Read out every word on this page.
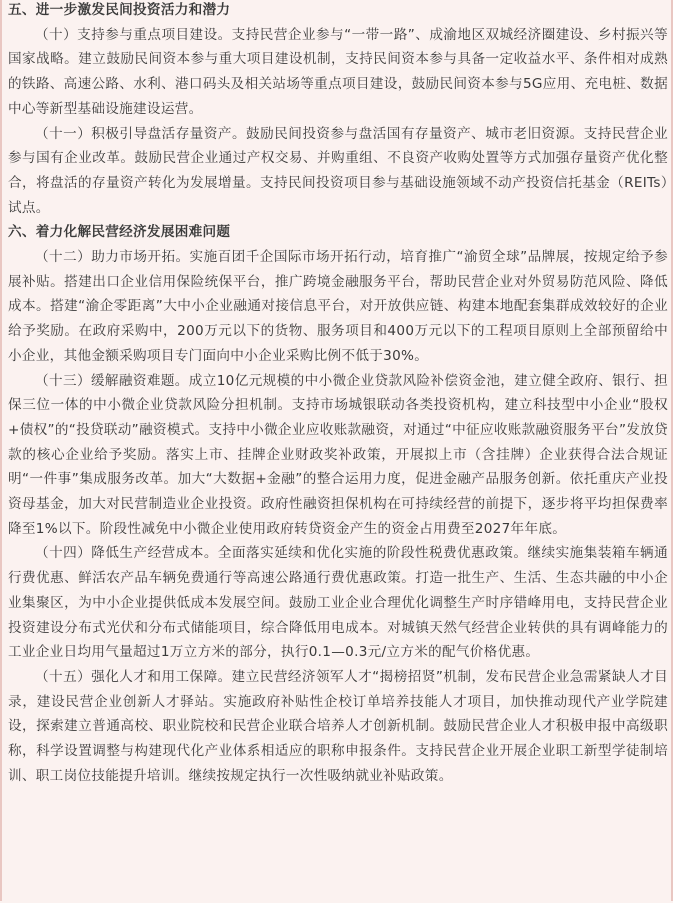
五、进一步激发民间投资活力和潜力

（十）支持参与重点项目建设。支持民营企业参与“一带一路”、成渝地区双城经济圈建设、乡村振兴等国家战略。建立鼓励民间资本参与重大项目建设机制，支持民间资本参与具备一定收益水平、条件相对成熟的铁路、高速公路、水利、港口码头及相关站场等重点项目建设，鼓励民间资本参与5G应用、充电桩、数据中心等新型基础设施建设运营。

（十一）积极引导盘活存量资产。鼓励民间投资参与盘活国有存量资产、城市老旧资源。支持民营企业参与国有企业改革。鼓励民营企业通过产权交易、并购重组、不良资产收购处置等方式加强存量资产优化整合，将盘活的存量资产转化为发展增量。支持民间投资项目参与基础设施领域不动产投资信托基金（REITs）试点。

六、着力化解民营经济发展困难问题

（十二）助力市场开拓。实施百团千企国际市场开拓行动，培育推广“渝贸全球”品牌展，按规定给予参展补贴。搭建出口企业信用保险统保平台，推广跨境金融服务平台，帮助民营企业对外贸易防范风险、降低成本。搭建“渝企零距离”大中小企业融通对接信息平台，对开放供应链、构建本地配套集群成效较好的企业给予奖励。在政府采购中，200万元以下的货物、服务项目和400万元以下的工程项目原则上全部预留给中小企业，其他金额采购项目专门面向中小企业采购比例不低于30%。

（十三）缓解融资难题。成立10亿元规模的中小微企业贷款风险补偿资金池，建立健全政府、银行、担保三位一体的中小微企业贷款风险分担机制。支持市场城银联动各类投资机构，建立科技型中小企业“股权+债权”的“投贷联动”融资模式。支持中小微企业应收账款融资，对通过“中征应收账款融资服务平台”发放贷款的核心企业给予奖励。落实上市、挂牌企业财政奖补政策，开展拟上市（含挂牌）企业获得合法合规证明“一件事”集成服务改革。加大“大数据+金融”的整合运用力度，促进金融产品服务创新。依托重庆产业投资母基金，加大对民营制造业企业投资。政府性融资担保机构在可持续经营的前提下，逐步将平均担保费率降至1%以下。阶段性减免中小微企业使用政府转贷资金产生的资金占用费至2027年年底。

（十四）降低生产经营成本。全面落实延续和优化实施的阶段性税费优惠政策。继续实施集装箱车辆通行费优惠、鲜活农产品车辆免费通行等高速公路通行费优惠政策。打造一批生产、生活、生态共融的中小企业集聚区，为中小企业提供低成本发展空间。鼓励工业企业合理优化调整生产时序错峰用电，支持民营企业投资建设分布式光伏和分布式储能项目，综合降低用电成本。对城镇天然气经营企业转供的具有调峰能力的工业企业日均用气量超过1万立方米的部分，执行0.1—0.3元/立方米的配气价格优惠。

（十五）强化人才和用工保障。建立民营经济领军人才“揭榜招贤”机制，发布民营企业急需紧缺人才目录，建设民营企业创新人才驿站。实施政府补贴性企校订单培养技能人才项目，加快推动现代产业学院建设，探索建立普通高校、职业院校和民营企业联合培养人才创新机制。鼓励民营企业人才积极申报中高级职称，科学设置调整与构建现代化产业体系相适应的职称申报条件。支持民营企业开展企业职工新型学徒制培训、职工岗位技能提升培训。继续按规定执行一次性吸纳就业补贴政策。
